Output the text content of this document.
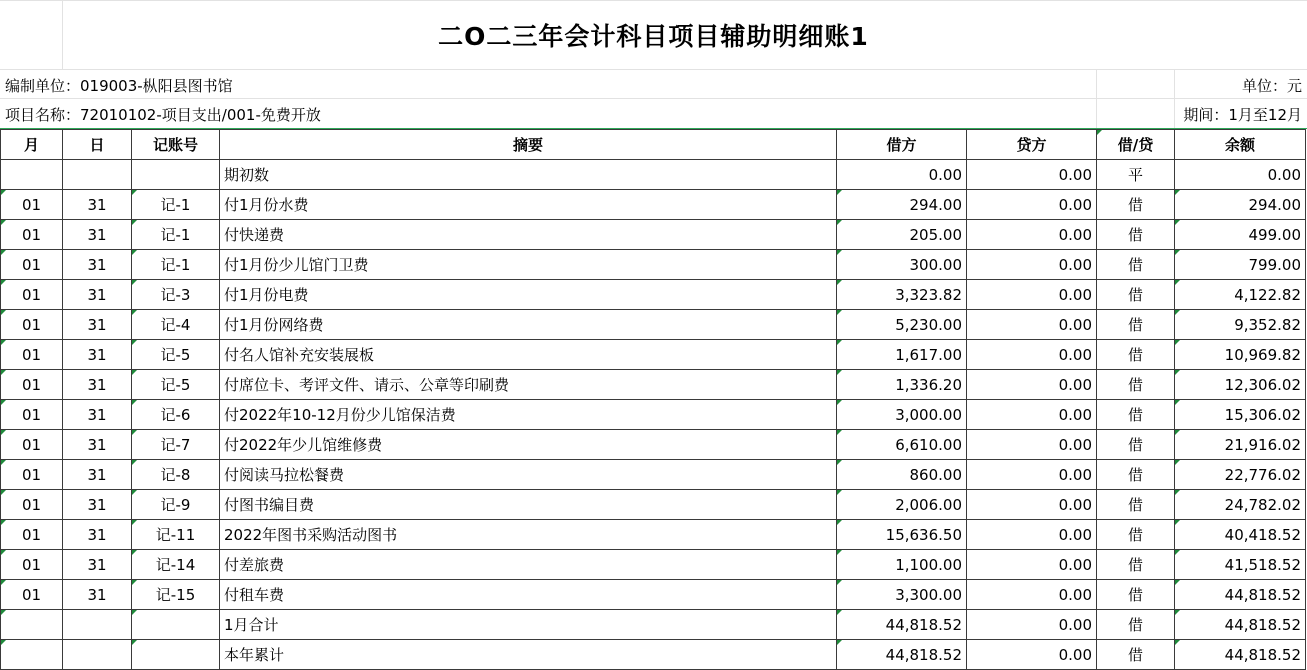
二O二三年会计科目项目辅助明细账1
编制单位：019003-枞阳县图书馆	单位：元
项目名称：72010102-项目支出/001-免费开放	期间：1月至12月
月	日	记账号	摘要	借方	贷方	借/贷	余额
			期初数	0.00	0.00	平	0.00
01	31	记-1	付1月份水费	294.00	0.00	借	294.00
01	31	记-1	付快递费	205.00	0.00	借	499.00
01	31	记-1	付1月份少儿馆门卫费	300.00	0.00	借	799.00
01	31	记-3	付1月份电费	3,323.82	0.00	借	4,122.82
01	31	记-4	付1月份网络费	5,230.00	0.00	借	9,352.82
01	31	记-5	付名人馆补充安装展板	1,617.00	0.00	借	10,969.82
01	31	记-5	付席位卡、考评文件、请示、公章等印刷费	1,336.20	0.00	借	12,306.02
01	31	记-6	付2022年10-12月份少儿馆保洁费	3,000.00	0.00	借	15,306.02
01	31	记-7	付2022年少儿馆维修费	6,610.00	0.00	借	21,916.02
01	31	记-8	付阅读马拉松餐费	860.00	0.00	借	22,776.02
01	31	记-9	付图书编目费	2,006.00	0.00	借	24,782.02
01	31	记-11	2022年图书采购活动图书	15,636.50	0.00	借	40,418.52
01	31	记-14	付差旅费	1,100.00	0.00	借	41,518.52
01	31	记-15	付租车费	3,300.00	0.00	借	44,818.52
			1月合计	44,818.52	0.00	借	44,818.52
			本年累计	44,818.52	0.00	借	44,818.52
